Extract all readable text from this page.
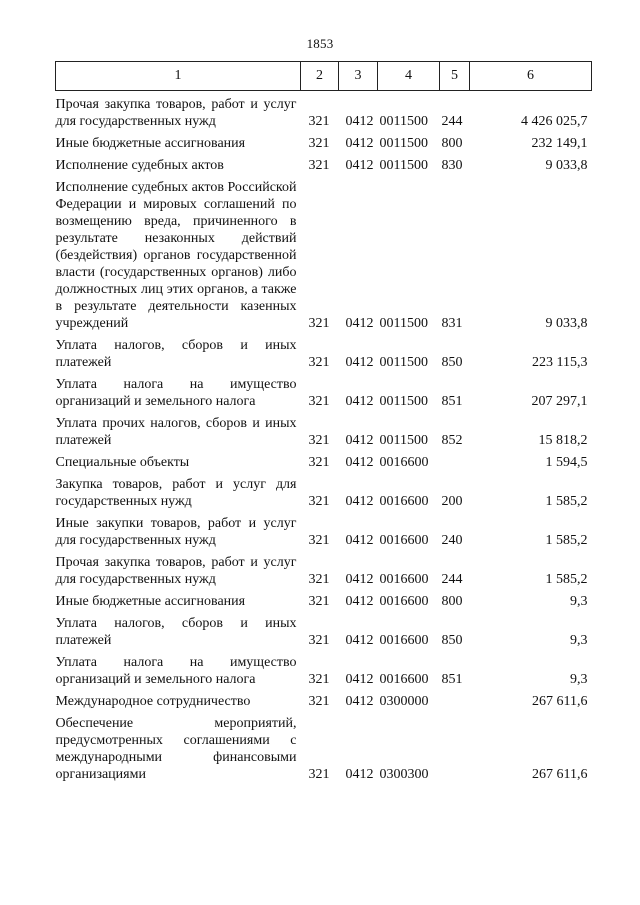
1853
1	2	3	4	5	6
Прочая закупка товаров, работ и услуг для государственных нужд	321	0412	0011500	244	4 426 025,7
Иные бюджетные ассигнования	321	0412	0011500	800	232 149,1
Исполнение судебных актов	321	0412	0011500	830	9 033,8
Исполнение судебных актов Российской Федерации и мировых соглашений по возмещению вреда, причиненного в результате незаконных действий (бездействия) органов государственной власти (государственных органов) либо должностных лиц этих органов, а также в результате деятельности казенных учреждений	321	0412	0011500	831	9 033,8
Уплата налогов, сборов и иных платежей	321	0412	0011500	850	223 115,3
Уплата налога на имущество организаций и земельного налога	321	0412	0011500	851	207 297,1
Уплата прочих налогов, сборов и иных платежей	321	0412	0011500	852	15 818,2
Специальные объекты	321	0412	0016600		1 594,5
Закупка товаров, работ и услуг для государственных нужд	321	0412	0016600	200	1 585,2
Иные закупки товаров, работ и услуг для государственных нужд	321	0412	0016600	240	1 585,2
Прочая закупка товаров, работ и услуг для государственных нужд	321	0412	0016600	244	1 585,2
Иные бюджетные ассигнования	321	0412	0016600	800	9,3
Уплата налогов, сборов и иных платежей	321	0412	0016600	850	9,3
Уплата налога на имущество организаций и земельного налога	321	0412	0016600	851	9,3
Международное сотрудничество	321	0412	0300000		267 611,6
Обеспечение мероприятий, предусмотренных соглашениями с международными финансовыми организациями	321	0412	0300300		267 611,6
